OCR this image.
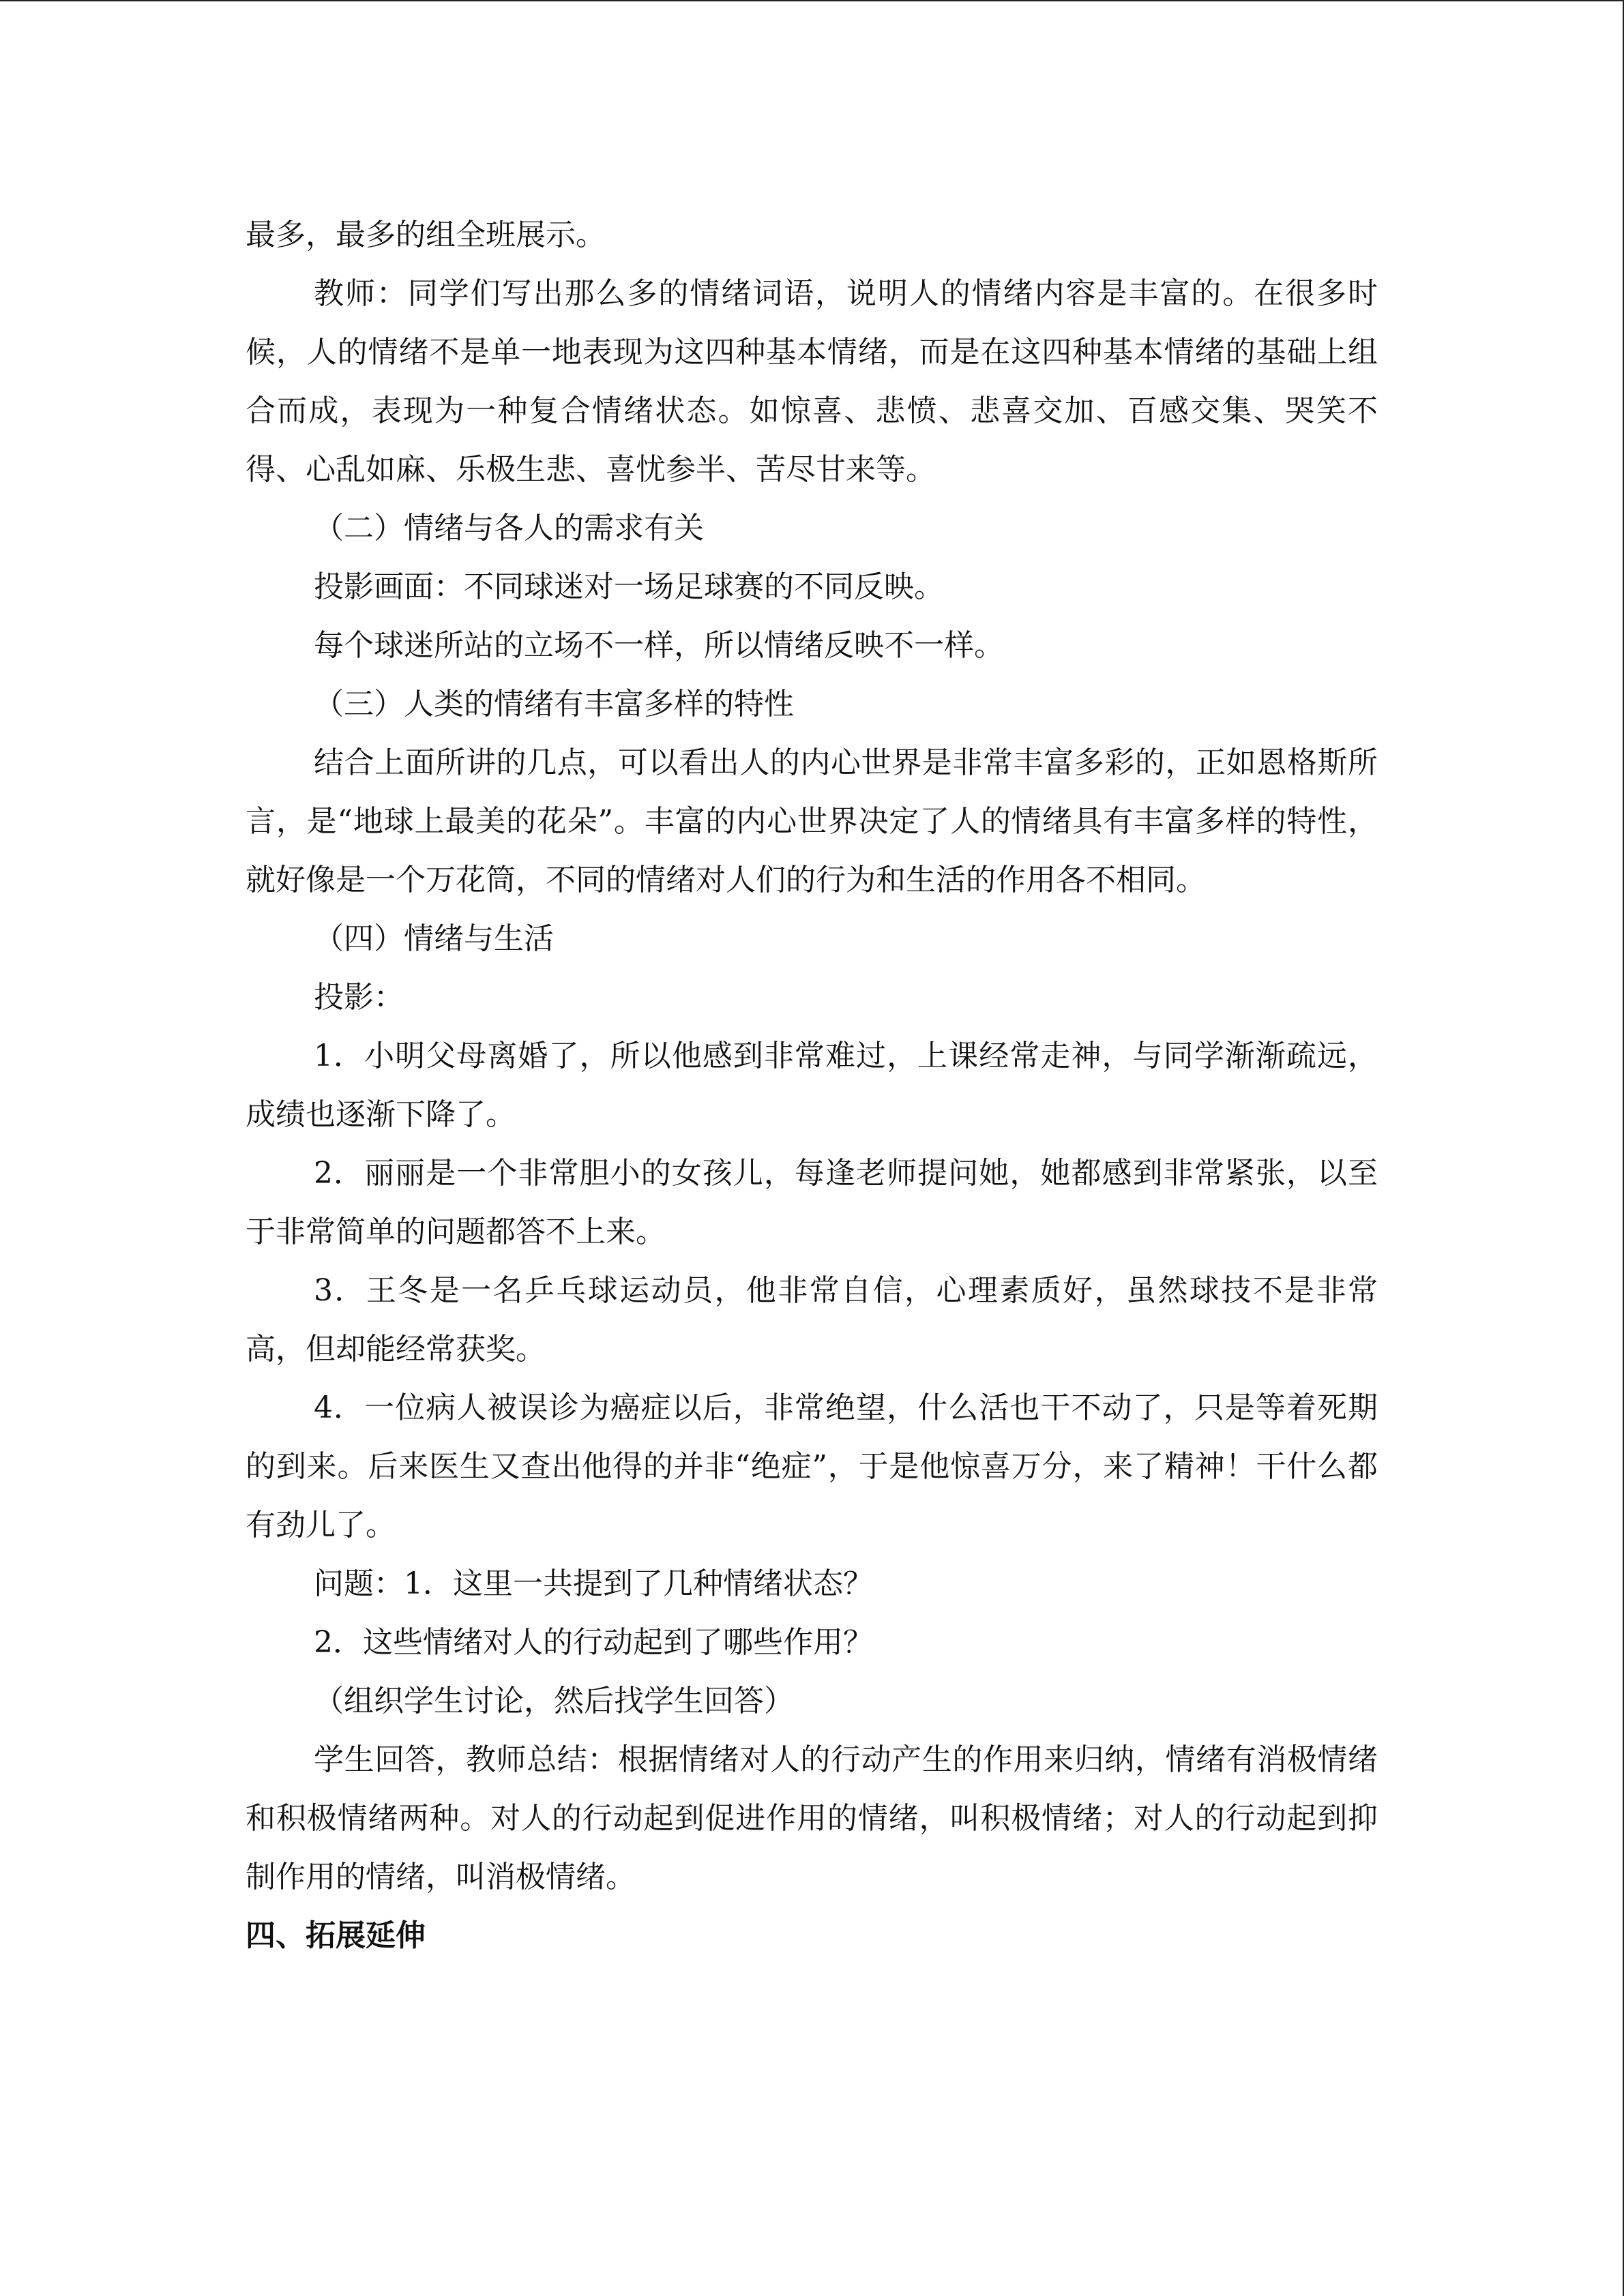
最多，最多的组全班展示。

教师：同学们写出那么多的情绪词语，说明人的情绪内容是丰富的。在很多时候，人的情绪不是单一地表现为这四种基本情绪，而是在这四种基本情绪的基础上组合而成，表现为一种复合情绪状态。如惊喜、悲愤、悲喜交加、百感交集、哭笑不得、心乱如麻、乐极生悲、喜忧参半、苦尽甘来等。

（二）情绪与各人的需求有关

投影画面：不同球迷对一场足球赛的不同反映。

每个球迷所站的立场不一样，所以情绪反映不一样。

（三）人类的情绪有丰富多样的特性

结合上面所讲的几点，可以看出人的内心世界是非常丰富多彩的，正如恩格斯所言，是“地球上最美的花朵”。丰富的内心世界决定了人的情绪具有丰富多样的特性，就好像是一个万花筒，不同的情绪对人们的行为和生活的作用各不相同。

（四）情绪与生活

投影：

1．小明父母离婚了，所以他感到非常难过，上课经常走神，与同学渐渐疏远，成绩也逐渐下降了。

2．丽丽是一个非常胆小的女孩儿，每逢老师提问她，她都感到非常紧张，以至于非常简单的问题都答不上来。

3．王冬是一名乒乓球运动员，他非常自信，心理素质好，虽然球技不是非常高，但却能经常获奖。

4．一位病人被误诊为癌症以后，非常绝望，什么活也干不动了，只是等着死期的到来。后来医生又查出他得的并非“绝症”，于是他惊喜万分，来了精神！干什么都有劲儿了。

问题：1．这里一共提到了几种情绪状态？

2．这些情绪对人的行动起到了哪些作用？

（组织学生讨论，然后找学生回答）

学生回答，教师总结：根据情绪对人的行动产生的作用来归纳，情绪有消极情绪和积极情绪两种。对人的行动起到促进作用的情绪，叫积极情绪；对人的行动起到抑制作用的情绪，叫消极情绪。

四、拓展延伸
